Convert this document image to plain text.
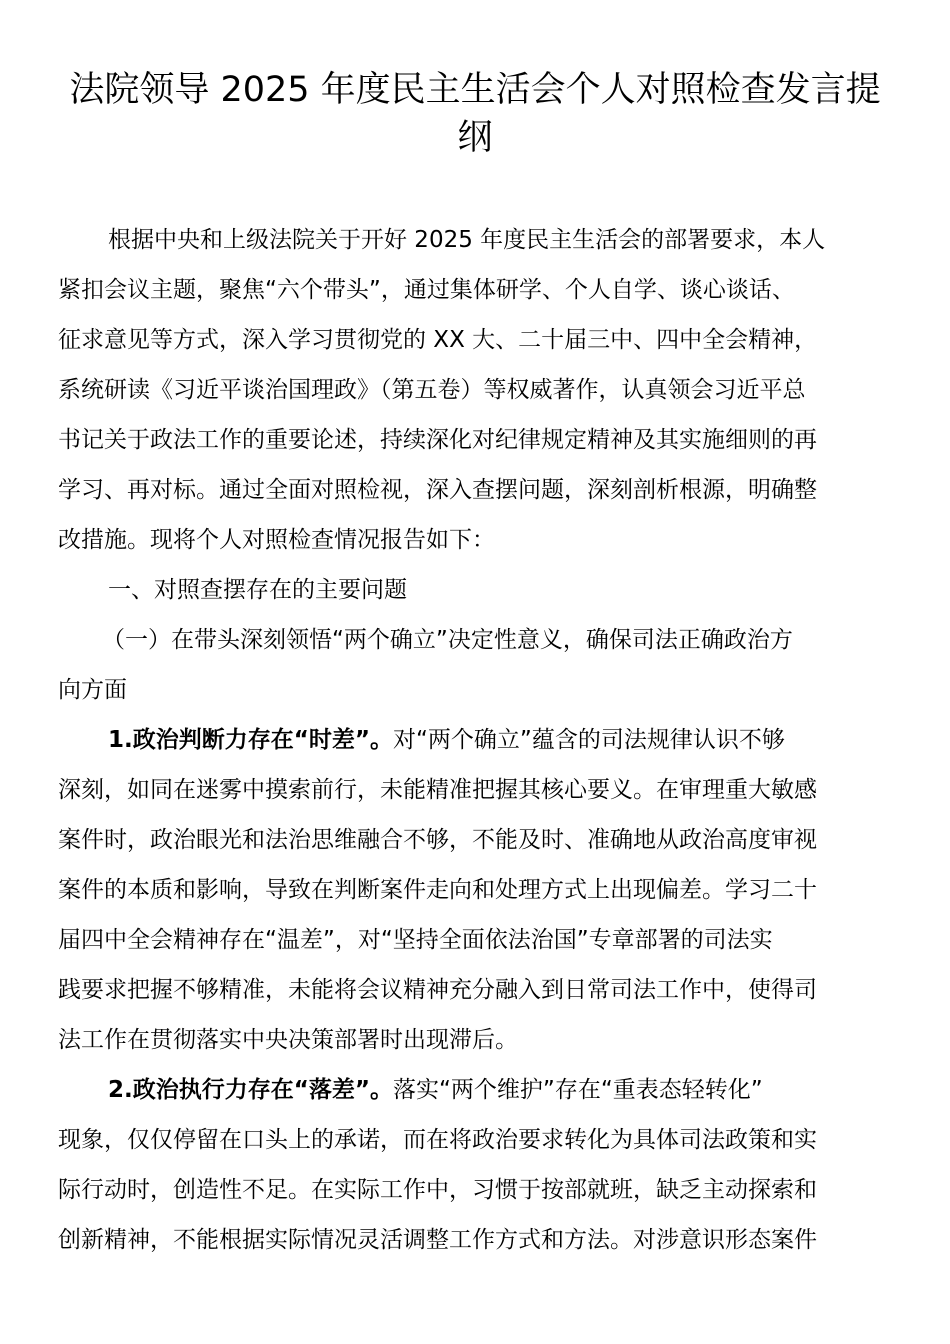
法院领导 2025 年度民主生活会个人对照检查发言提
纲
根据中央和上级法院关于开好 2025 年度民主生活会的部署要求，本人
紧扣会议主题，聚焦“六个带头”，通过集体研学、个人自学、谈心谈话、
征求意见等方式，深入学习贯彻党的 XX 大、二十届三中、四中全会精神，
系统研读《习近平谈治国理政》（第五卷）等权威著作，认真领会习近平总
书记关于政法工作的重要论述，持续深化对纪律规定精神及其实施细则的再
学习、再对标。通过全面对照检视，深入查摆问题，深刻剖析根源，明确整
改措施。现将个人对照检查情况报告如下：
一、对照查摆存在的主要问题
（一）在带头深刻领悟“两个确立”决定性意义，确保司法正确政治方
向方面
1.政治判断力存在“时差”。对“两个确立”蕴含的司法规律认识不够
深刻，如同在迷雾中摸索前行，未能精准把握其核心要义。在审理重大敏感
案件时，政治眼光和法治思维融合不够，不能及时、准确地从政治高度审视
案件的本质和影响，导致在判断案件走向和处理方式上出现偏差。学习二十
届四中全会精神存在“温差”，对“坚持全面依法治国”专章部署的司法实
践要求把握不够精准，未能将会议精神充分融入到日常司法工作中，使得司
法工作在贯彻落实中央决策部署时出现滞后。
2.政治执行力存在“落差”。落实“两个维护”存在“重表态轻转化”
现象，仅仅停留在口头上的承诺，而在将政治要求转化为具体司法政策和实
际行动时，创造性不足。在实际工作中，习惯于按部就班，缺乏主动探索和
创新精神，不能根据实际情况灵活调整工作方式和方法。对涉意识形态案件
